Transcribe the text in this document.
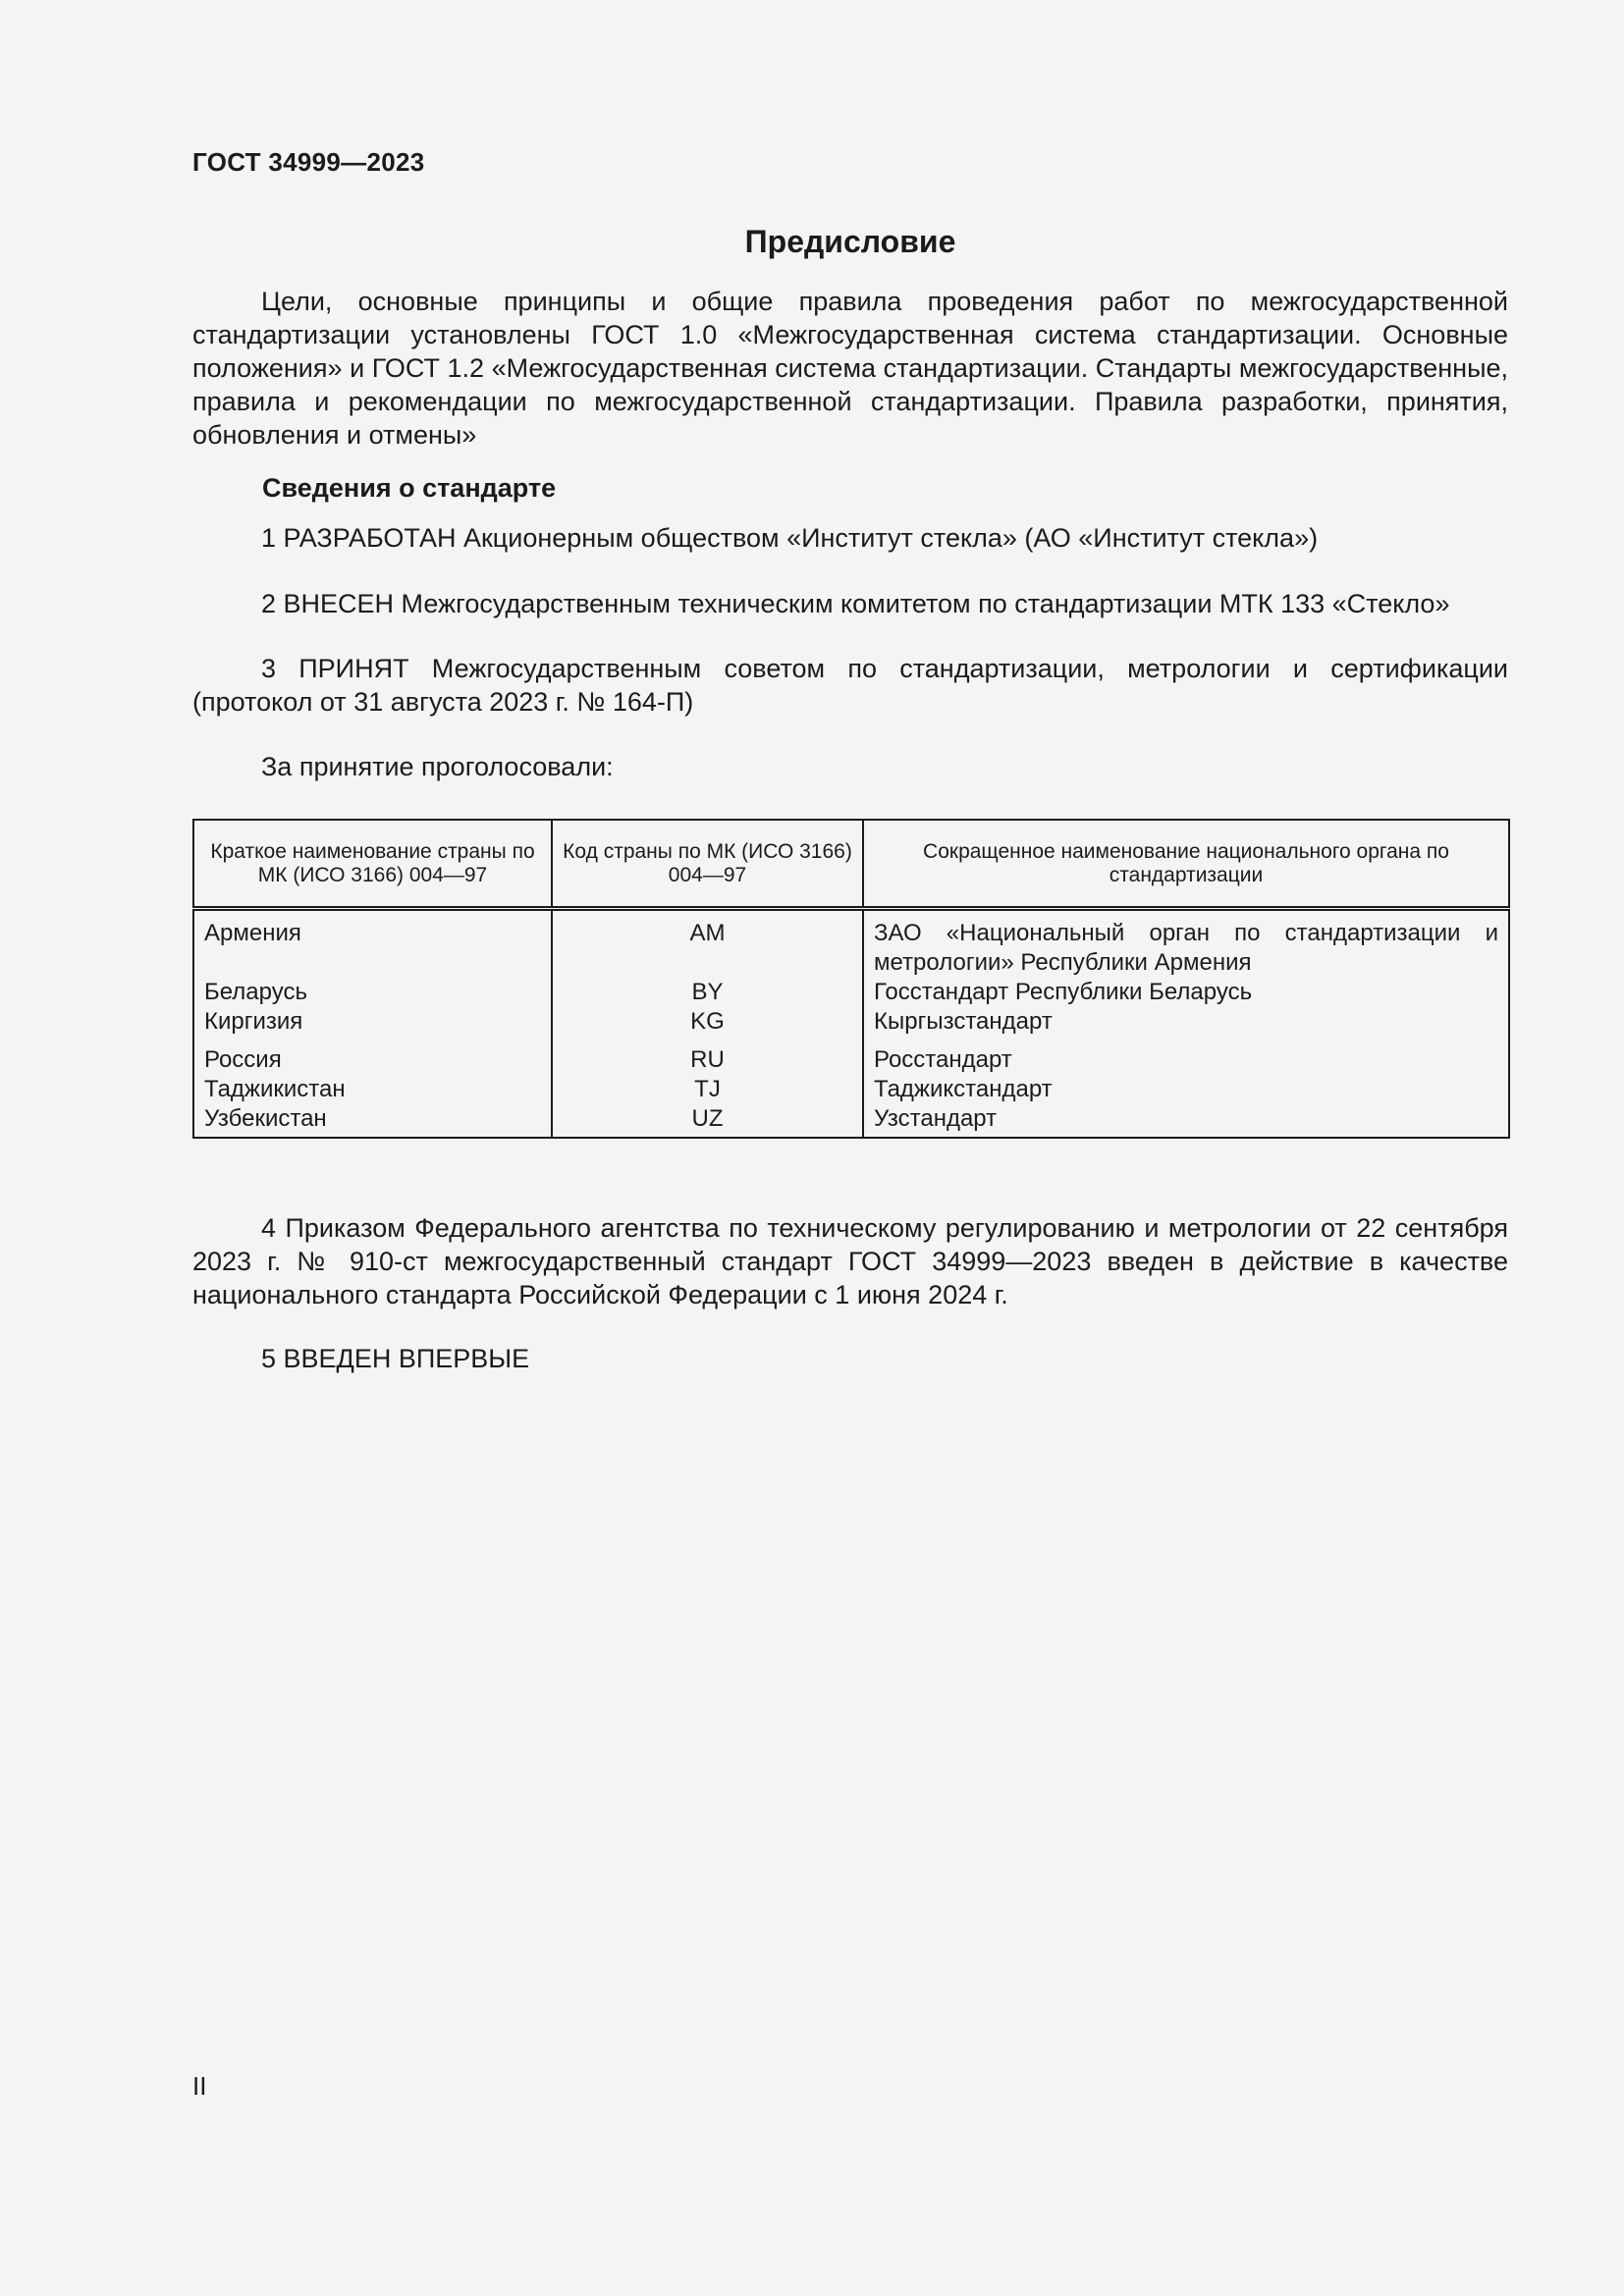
ГОСТ 34999—2023
Предисловие
Цели, основные принципы и общие правила проведения работ по межгосударственной стандартизации установлены ГОСТ 1.0 «Межгосударственная система стандартизации. Основные положения» и ГОСТ 1.2 «Межгосударственная система стандартизации. Стандарты межгосударственные, правила и рекомендации по межгосударственной стандартизации. Правила разработки, принятия, обновления и отмены»
Сведения о стандарте
1 РАЗРАБОТАН Акционерным обществом «Институт стекла» (АО «Институт стекла»)
2 ВНЕСЕН Межгосударственным техническим комитетом по стандартизации МТК 133 «Стекло»
3 ПРИНЯТ Межгосударственным советом по стандартизации, метрологии и сертификации (протокол от 31 августа 2023 г. № 164-П)
За принятие проголосовали:
Краткое наименование страны по МК (ИСО 3166) 004—97	Код страны по МК (ИСО 3166) 004—97	Сокращенное наименование национального органа по стандартизации
Армения	AM	ЗАО «Национальный орган по стандартизации и метрологии» Республики Армения
Беларусь	BY	Госстандарт Республики Беларусь
Киргизия	KG	Кыргызстандарт
Россия	RU	Росстандарт
Таджикистан	TJ	Таджикстандарт
Узбекистан	UZ	Узстандарт
4 Приказом Федерального агентства по техническому регулированию и метрологии от 22 сентября 2023 г. № 910-ст межгосударственный стандарт ГОСТ 34999—2023 введен в действие в качестве национального стандарта Российской Федерации с 1 июня 2024 г.
5 ВВЕДЕН ВПЕРВЫЕ
II
